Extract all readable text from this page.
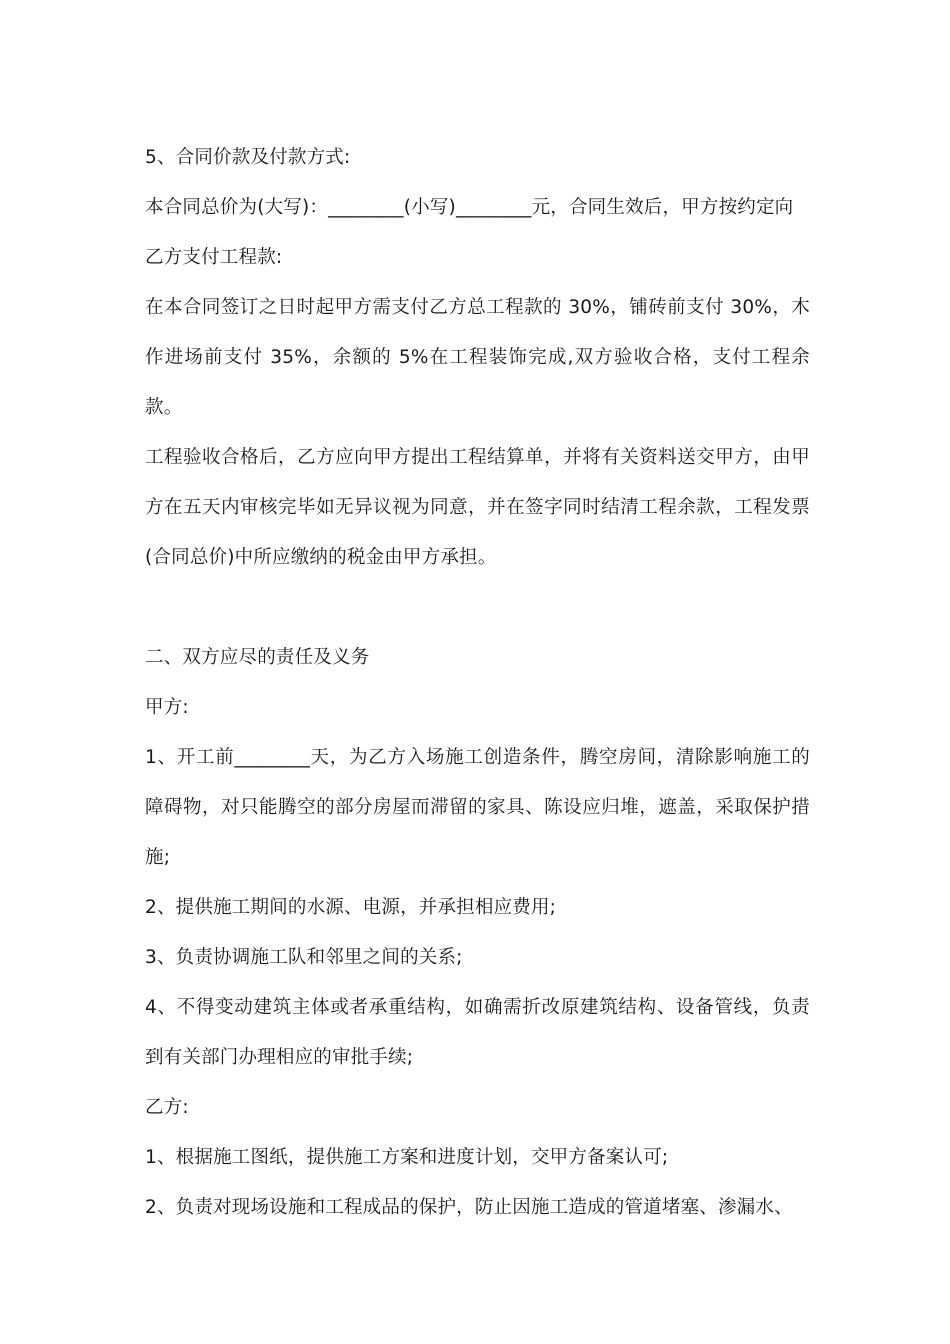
5、合同价款及付款方式:

本合同总价为(大写)：________(小写)________元，合同生效后，甲方按约定向

乙方支付工程款:

在本合同签订之日时起甲方需支付乙方总工程款的 30%，铺砖前支付 30%，木作进场前支付 35%，余额的 5%在工程装饰完成,双方验收合格，支付工程余款。

工程验收合格后，乙方应向甲方提出工程结算单，并将有关资料送交甲方，由甲方在五天内审核完毕如无异议视为同意，并在签字同时结清工程余款，工程发票(合同总价)中所应缴纳的税金由甲方承担。

二、双方应尽的责任及义务

甲方:

1、开工前________天，为乙方入场施工创造条件，腾空房间，清除影响施工的障碍物，对只能腾空的部分房屋而滞留的家具、陈设应归堆，遮盖，采取保护措施;

2、提供施工期间的水源、电源，并承担相应费用;

3、负责协调施工队和邻里之间的关系;

4、不得变动建筑主体或者承重结构，如确需折改原建筑结构、设备管线，负责到有关部门办理相应的审批手续;

乙方:

1、根据施工图纸，提供施工方案和进度计划，交甲方备案认可;

2、负责对现场设施和工程成品的保护，防止因施工造成的管道堵塞、渗漏水、
